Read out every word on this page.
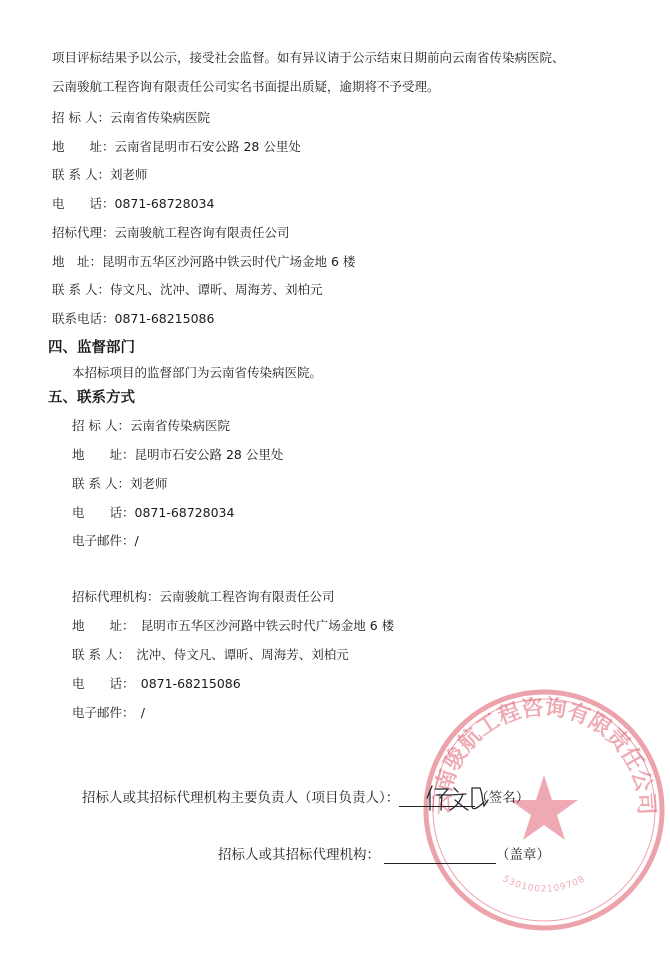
项目评标结果予以公示，接受社会监督。如有异议请于公示结束日期前向云南省传染病医院、
云南骏航工程咨询有限责任公司实名书面提出质疑，逾期将不予受理。
招 标 人：云南省传染病医院
地　　址：云南省昆明市石安公路 28 公里处
联 系 人：刘老师
电　　话：0871-68728034
招标代理：云南骏航工程咨询有限责任公司
地　址：昆明市五华区沙河路中铁云时代广场金地 6 楼
联 系 人：侍文凡、沈冲、谭昕、周海芳、刘柏元
联系电话：0871-68215086
四、监督部门
本招标项目的监督部门为云南省传染病医院。
五、联系方式
招 标 人：云南省传染病医院
地　　址：昆明市石安公路 28 公里处
联 系 人：刘老师
电　　话：0871-68728034
电子邮件：/
招标代理机构：云南骏航工程咨询有限责任公司
地　　址：　昆明市五华区沙河路中铁云时代广场金地 6 楼
联 系 人：　沈冲、侍文凡、谭昕、周海芳、刘柏元
电　　话：　0871-68215086
电子邮件：　/
云南骏航工程咨询有限责任公司
5301002109708
招标人或其招标代理机构主要负责人（项目负责人）：	（签名）
招标人或其招标代理机构：	（盖章）
